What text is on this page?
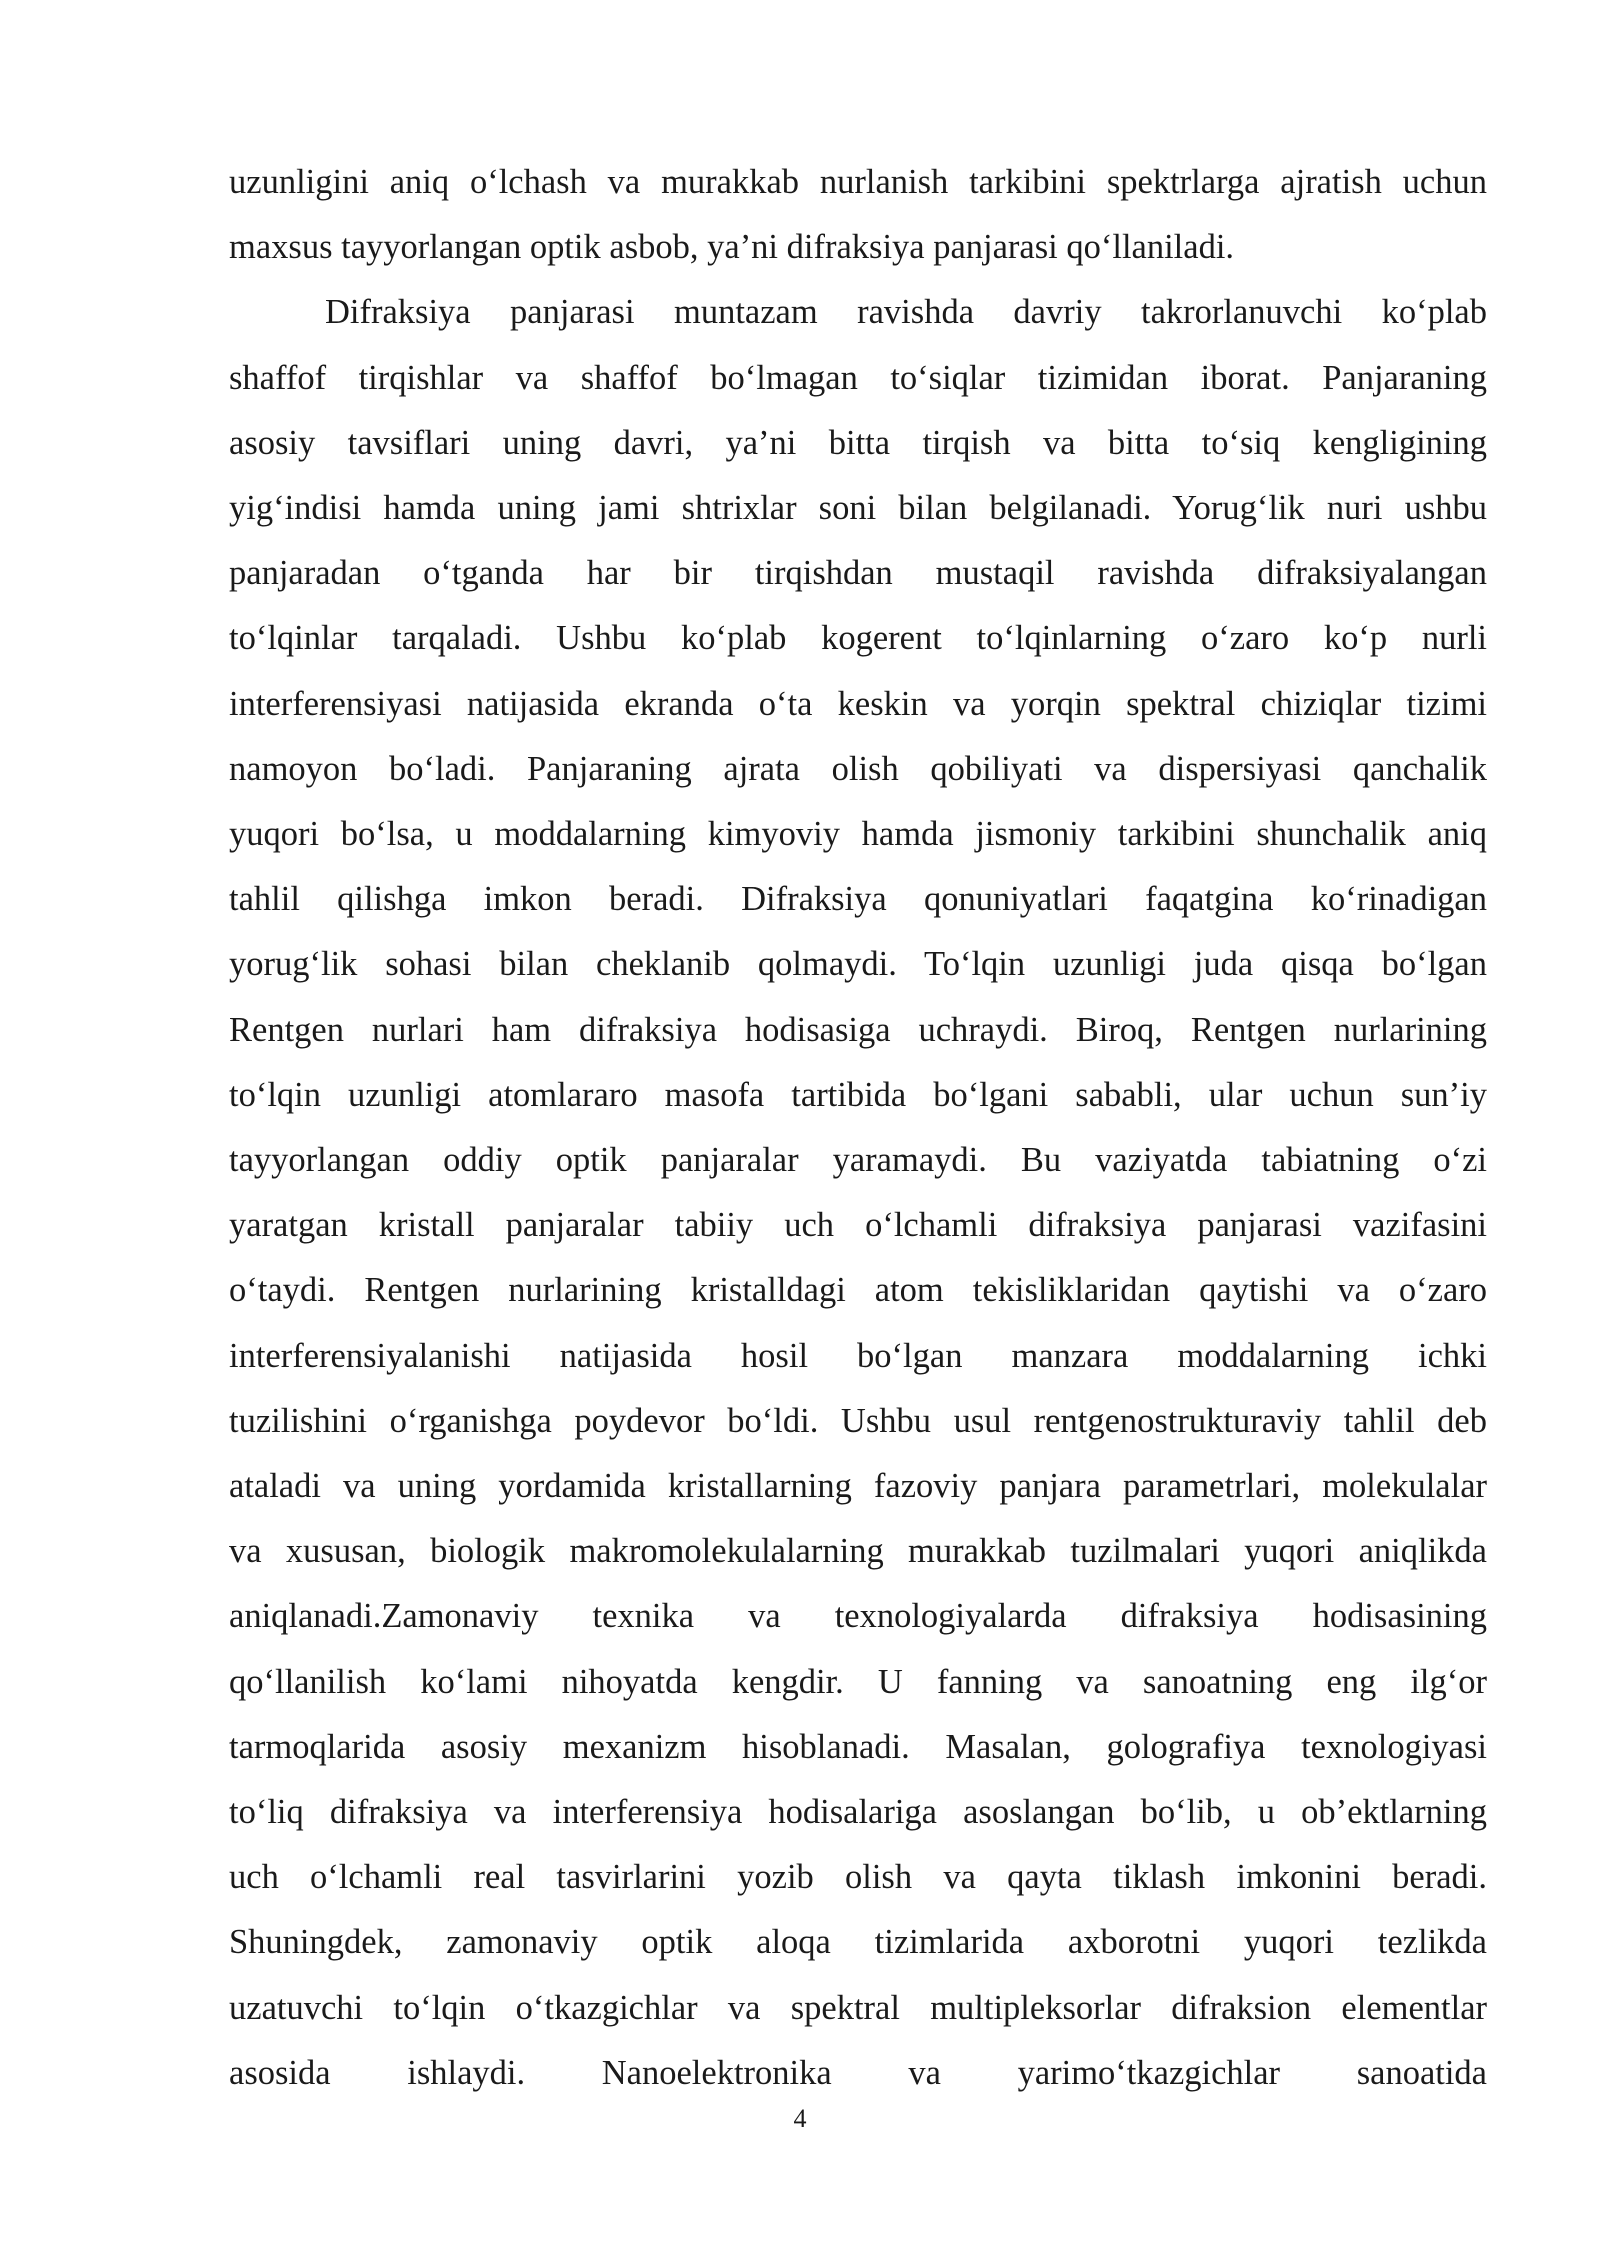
uzunligini aniq o‘lchash va murakkab nurlanish tarkibini spektrlarga ajratish uchun
maxsus tayyorlangan optik asbob, ya’ni difraksiya panjarasi qo‘llaniladi.
Difraksiya panjarasi muntazam ravishda davriy takrorlanuvchi ko‘plab
shaffof tirqishlar va shaffof bo‘lmagan to‘siqlar tizimidan iborat. Panjaraning
asosiy tavsiflari uning davri, ya’ni bitta tirqish va bitta to‘siq kengligining
yig‘indisi hamda uning jami shtrixlar soni bilan belgilanadi. Yorug‘lik nuri ushbu
panjaradan o‘tganda har bir tirqishdan mustaqil ravishda difraksiyalangan
to‘lqinlar tarqaladi. Ushbu ko‘plab kogerent to‘lqinlarning o‘zaro ko‘p nurli
interferensiyasi natijasida ekranda o‘ta keskin va yorqin spektral chiziqlar tizimi
namoyon bo‘ladi. Panjaraning ajrata olish qobiliyati va dispersiyasi qanchalik
yuqori bo‘lsa, u moddalarning kimyoviy hamda jismoniy tarkibini shunchalik aniq
tahlil qilishga imkon beradi. Difraksiya qonuniyatlari faqatgina ko‘rinadigan
yorug‘lik sohasi bilan cheklanib qolmaydi. To‘lqin uzunligi juda qisqa bo‘lgan
Rentgen nurlari ham difraksiya hodisasiga uchraydi. Biroq, Rentgen nurlarining
to‘lqin uzunligi atomlararo masofa tartibida bo‘lgani sababli, ular uchun sun’iy
tayyorlangan oddiy optik panjaralar yaramaydi. Bu vaziyatda tabiatning o‘zi
yaratgan kristall panjaralar tabiiy uch o‘lchamli difraksiya panjarasi vazifasini
o‘taydi. Rentgen nurlarining kristalldagi atom tekisliklaridan qaytishi va o‘zaro
interferensiyalanishi natijasida hosil bo‘lgan manzara moddalarning ichki
tuzilishini o‘rganishga poydevor bo‘ldi. Ushbu usul rentgenostrukturaviy tahlil deb
ataladi va uning yordamida kristallarning fazoviy panjara parametrlari, molekulalar
va xususan, biologik makromolekulalarning murakkab tuzilmalari yuqori aniqlikda
aniqlanadi.Zamonaviy texnika va texnologiyalarda difraksiya hodisasining
qo‘llanilish ko‘lami nihoyatda kengdir. U fanning va sanoatning eng ilg‘or
tarmoqlarida asosiy mexanizm hisoblanadi. Masalan, golografiya texnologiyasi
to‘liq difraksiya va interferensiya hodisalariga asoslangan bo‘lib, u ob’ektlarning
uch o‘lchamli real tasvirlarini yozib olish va qayta tiklash imkonini beradi.
Shuningdek, zamonaviy optik aloqa tizimlarida axborotni yuqori tezlikda
uzatuvchi to‘lqin o‘tkazgichlar va spektral multipleksorlar difraksion elementlar
asosida ishlaydi. Nanoelektronika va yarimo‘tkazgichlar sanoatida
4
